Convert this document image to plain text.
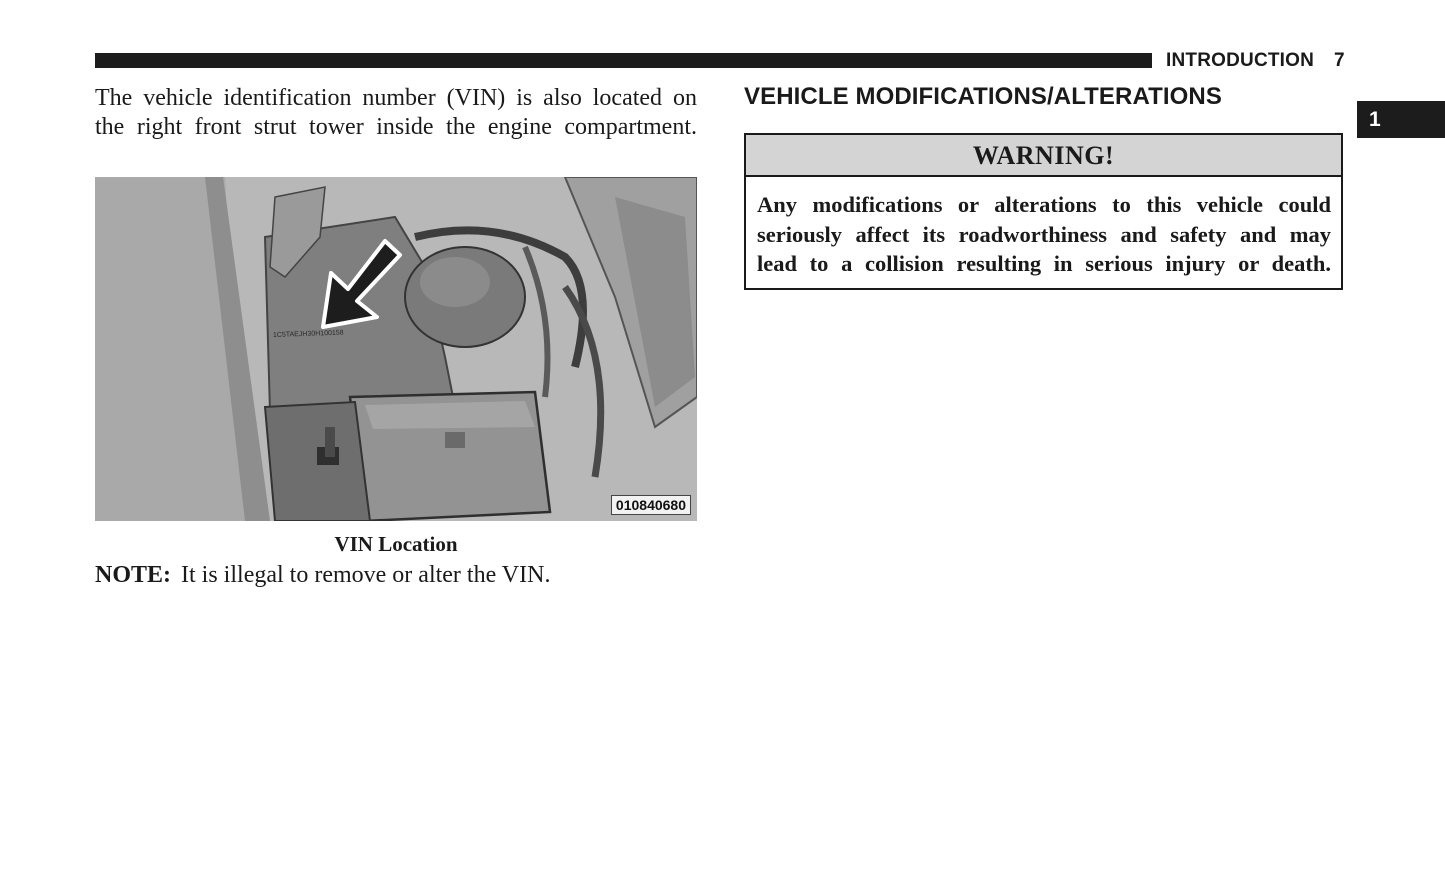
INTRODUCTION 7
1
The vehicle identification number (VIN) is also located on
the right front strut tower inside the engine compartment.
1C5TAEJH30H100158
010840680
VIN Location
NOTE: It is illegal to remove or alter the VIN.
VEHICLE MODIFICATIONS/ALTERATIONS
WARNING!
Any modifications or alterations to this vehicle could
seriously affect its roadworthiness and safety and may
lead to a collision resulting in serious injury or death.
